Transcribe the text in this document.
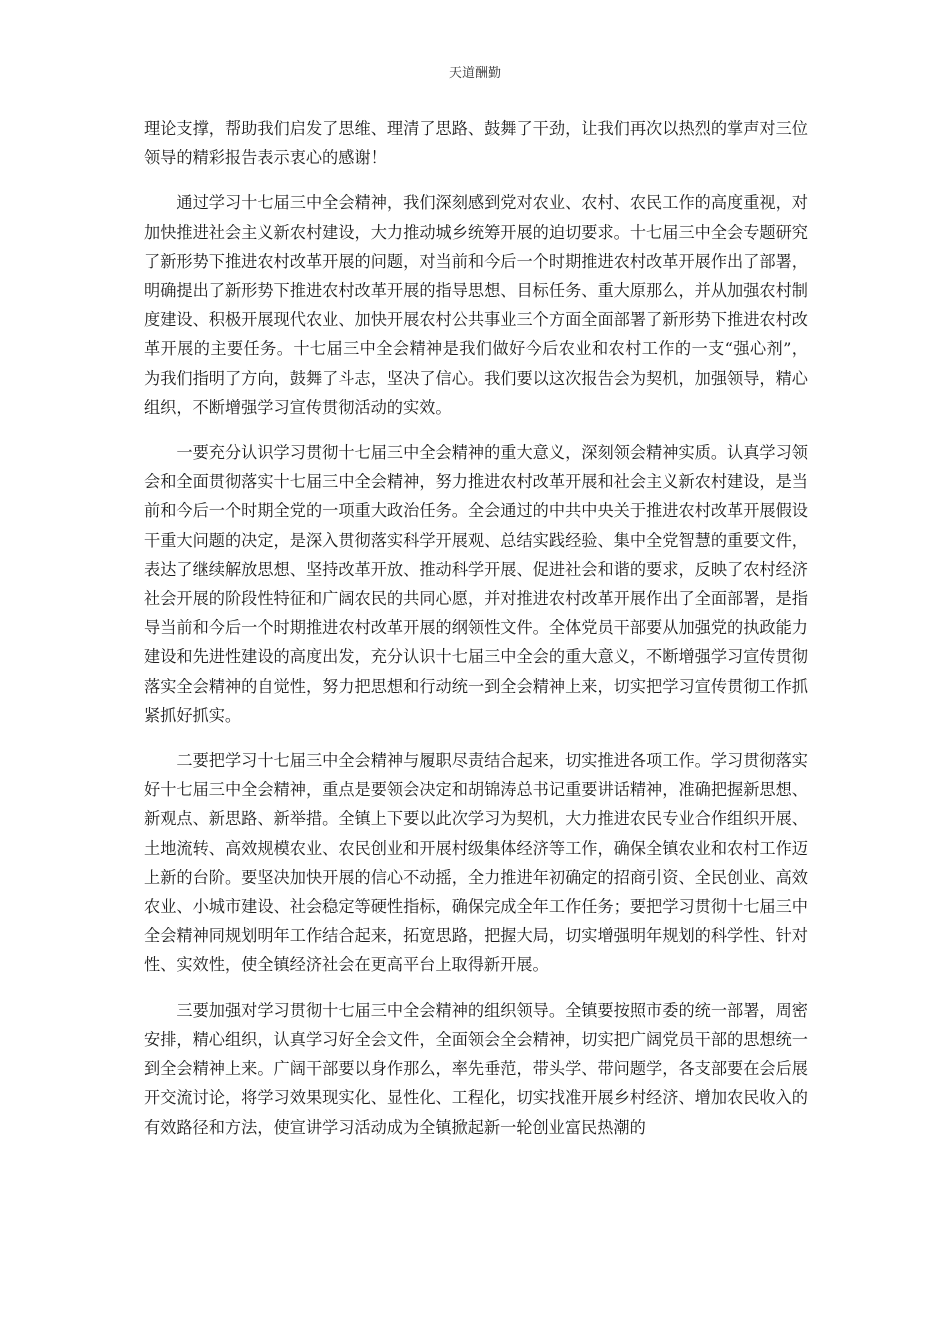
天道酬勤

理论支撑，帮助我们启发了思维、理清了思路、鼓舞了干劲，让我们再次以热烈的掌声对三位领导的精彩报告表示衷心的感谢！

通过学习十七届三中全会精神，我们深刻感到党对农业、农村、农民工作的高度重视，对加快推进社会主义新农村建设，大力推动城乡统筹开展的迫切要求。十七届三中全会专题研究了新形势下推进农村改革开展的问题，对当前和今后一个时期推进农村改革开展作出了部署，明确提出了新形势下推进农村改革开展的指导思想、目标任务、重大原那么，并从加强农村制度建设、积极开展现代农业、加快开展农村公共事业三个方面全面部署了新形势下推进农村改革开展的主要任务。十七届三中全会精神是我们做好今后农业和农村工作的一支“强心剂”，为我们指明了方向，鼓舞了斗志，坚决了信心。我们要以这次报告会为契机，加强领导，精心组织，不断增强学习宣传贯彻活动的实效。

一要充分认识学习贯彻十七届三中全会精神的重大意义，深刻领会精神实质。认真学习领会和全面贯彻落实十七届三中全会精神，努力推进农村改革开展和社会主义新农村建设，是当前和今后一个时期全党的一项重大政治任务。全会通过的中共中央关于推进农村改革开展假设干重大问题的决定，是深入贯彻落实科学开展观、总结实践经验、集中全党智慧的重要文件，表达了继续解放思想、坚持改革开放、推动科学开展、促进社会和谐的要求，反映了农村经济社会开展的阶段性特征和广阔农民的共同心愿，并对推进农村改革开展作出了全面部署，是指导当前和今后一个时期推进农村改革开展的纲领性文件。全体党员干部要从加强党的执政能力建设和先进性建设的高度出发，充分认识十七届三中全会的重大意义，不断增强学习宣传贯彻落实全会精神的自觉性，努力把思想和行动统一到全会精神上来，切实把学习宣传贯彻工作抓紧抓好抓实。

二要把学习十七届三中全会精神与履职尽责结合起来，切实推进各项工作。学习贯彻落实好十七届三中全会精神，重点是要领会决定和胡锦涛总书记重要讲话精神，准确把握新思想、新观点、新思路、新举措。全镇上下要以此次学习为契机，大力推进农民专业合作组织开展、土地流转、高效规模农业、农民创业和开展村级集体经济等工作，确保全镇农业和农村工作迈上新的台阶。要坚决加快开展的信心不动摇，全力推进年初确定的招商引资、全民创业、高效农业、小城市建设、社会稳定等硬性指标，确保完成全年工作任务；要把学习贯彻十七届三中全会精神同规划明年工作结合起来，拓宽思路，把握大局，切实增强明年规划的科学性、针对性、实效性，使全镇经济社会在更高平台上取得新开展。

三要加强对学习贯彻十七届三中全会精神的组织领导。全镇要按照市委的统一部署，周密安排，精心组织，认真学习好全会文件，全面领会全会精神，切实把广阔党员干部的思想统一到全会精神上来。广阔干部要以身作那么，率先垂范，带头学、带问题学，各支部要在会后展开交流讨论，将学习效果现实化、显性化、工程化，切实找准开展乡村经济、增加农民收入的有效路径和方法，使宣讲学习活动成为全镇掀起新一轮创业富民热潮的
